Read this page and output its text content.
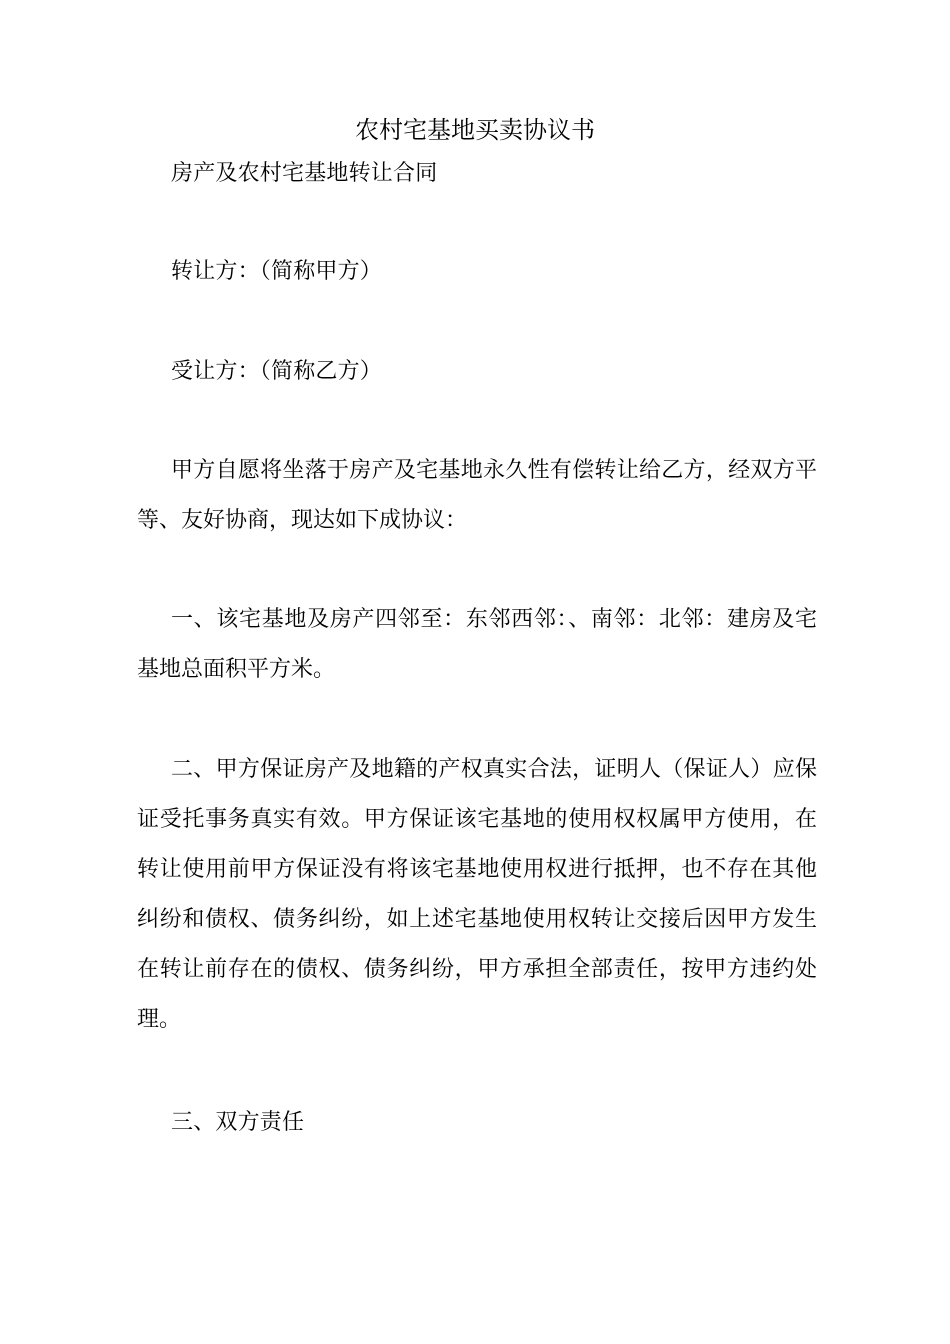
农村宅基地买卖协议书
房产及农村宅基地转让合同
转让方：（简称甲方）
受让方：（简称乙方）
甲方自愿将坐落于房产及宅基地永久性有偿转让给乙方，经双方平等、友好协商，现达如下成协议：
一、该宅基地及房产四邻至：东邻西邻：、南邻：北邻：建房及宅基地总面积平方米。
二、甲方保证房产及地籍的产权真实合法，证明人（保证人）应保证受托事务真实有效。甲方保证该宅基地的使用权权属甲方使用，在转让使用前甲方保证没有将该宅基地使用权进行抵押，也不存在其他纠纷和债权、债务纠纷，如上述宅基地使用权转让交接后因甲方发生在转让前存在的债权、债务纠纷，甲方承担全部责任，按甲方违约处理。
三、双方责任
